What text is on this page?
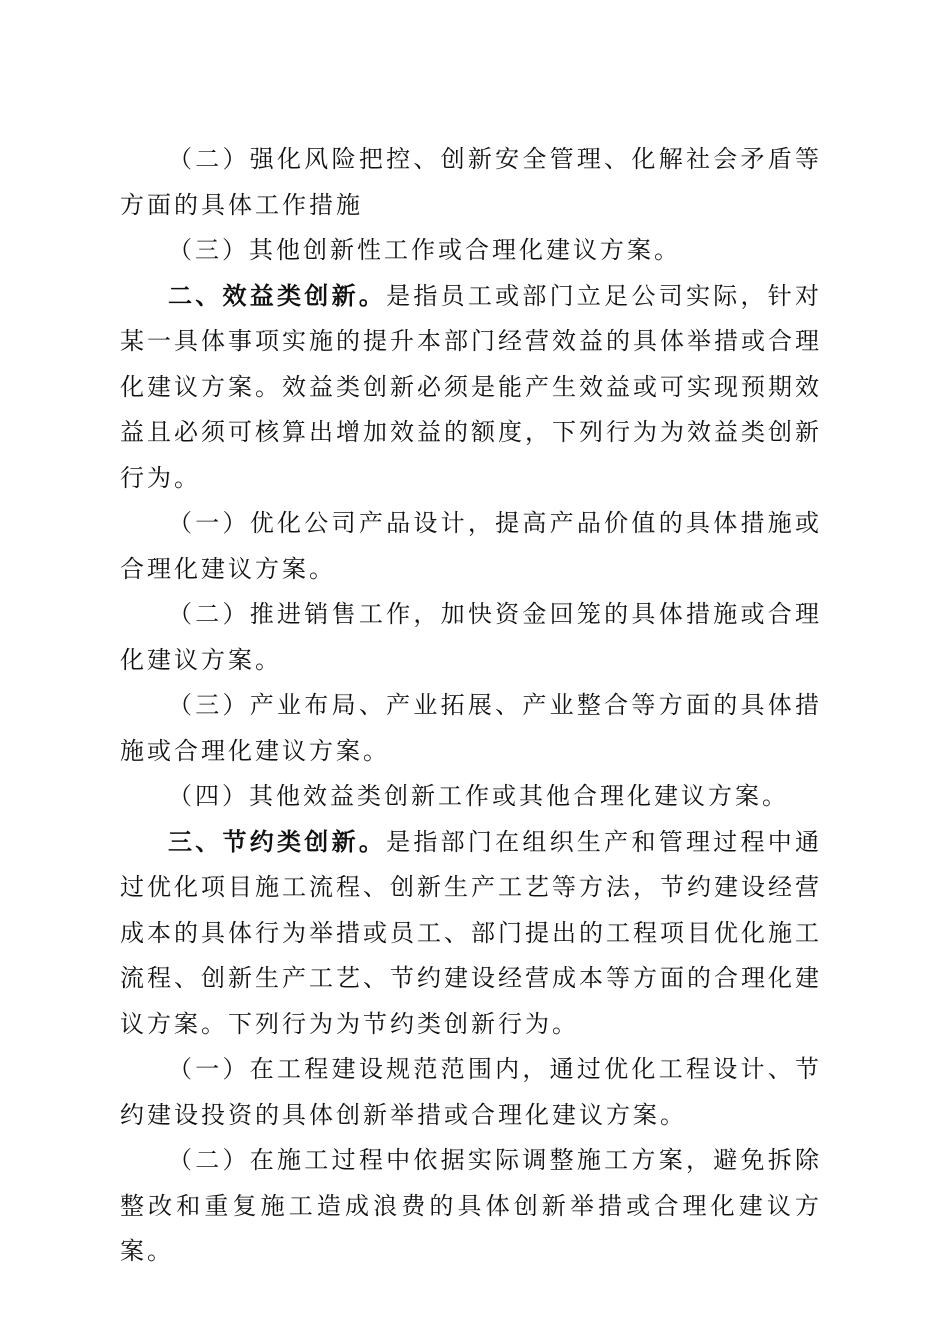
（二）强化风险把控、创新安全管理、化解社会矛盾等方面的具体工作措施

（三）其他创新性工作或合理化建议方案。

二、效益类创新。是指员工或部门立足公司实际，针对某一具体事项实施的提升本部门经营效益的具体举措或合理化建议方案。效益类创新必须是能产生效益或可实现预期效益且必须可核算出增加效益的额度，下列行为为效益类创新行为。

（一）优化公司产品设计，提高产品价值的具体措施或合理化建议方案。

（二）推进销售工作，加快资金回笼的具体措施或合理化建议方案。

（三）产业布局、产业拓展、产业整合等方面的具体措施或合理化建议方案。

（四）其他效益类创新工作或其他合理化建议方案。

三、节约类创新。是指部门在组织生产和管理过程中通过优化项目施工流程、创新生产工艺等方法，节约建设经营成本的具体行为举措或员工、部门提出的工程项目优化施工流程、创新生产工艺、节约建设经营成本等方面的合理化建议方案。下列行为为节约类创新行为。

（一）在工程建设规范范围内，通过优化工程设计、节约建设投资的具体创新举措或合理化建议方案。

（二）在施工过程中依据实际调整施工方案，避免拆除整改和重复施工造成浪费的具体创新举措或合理化建议方案。
